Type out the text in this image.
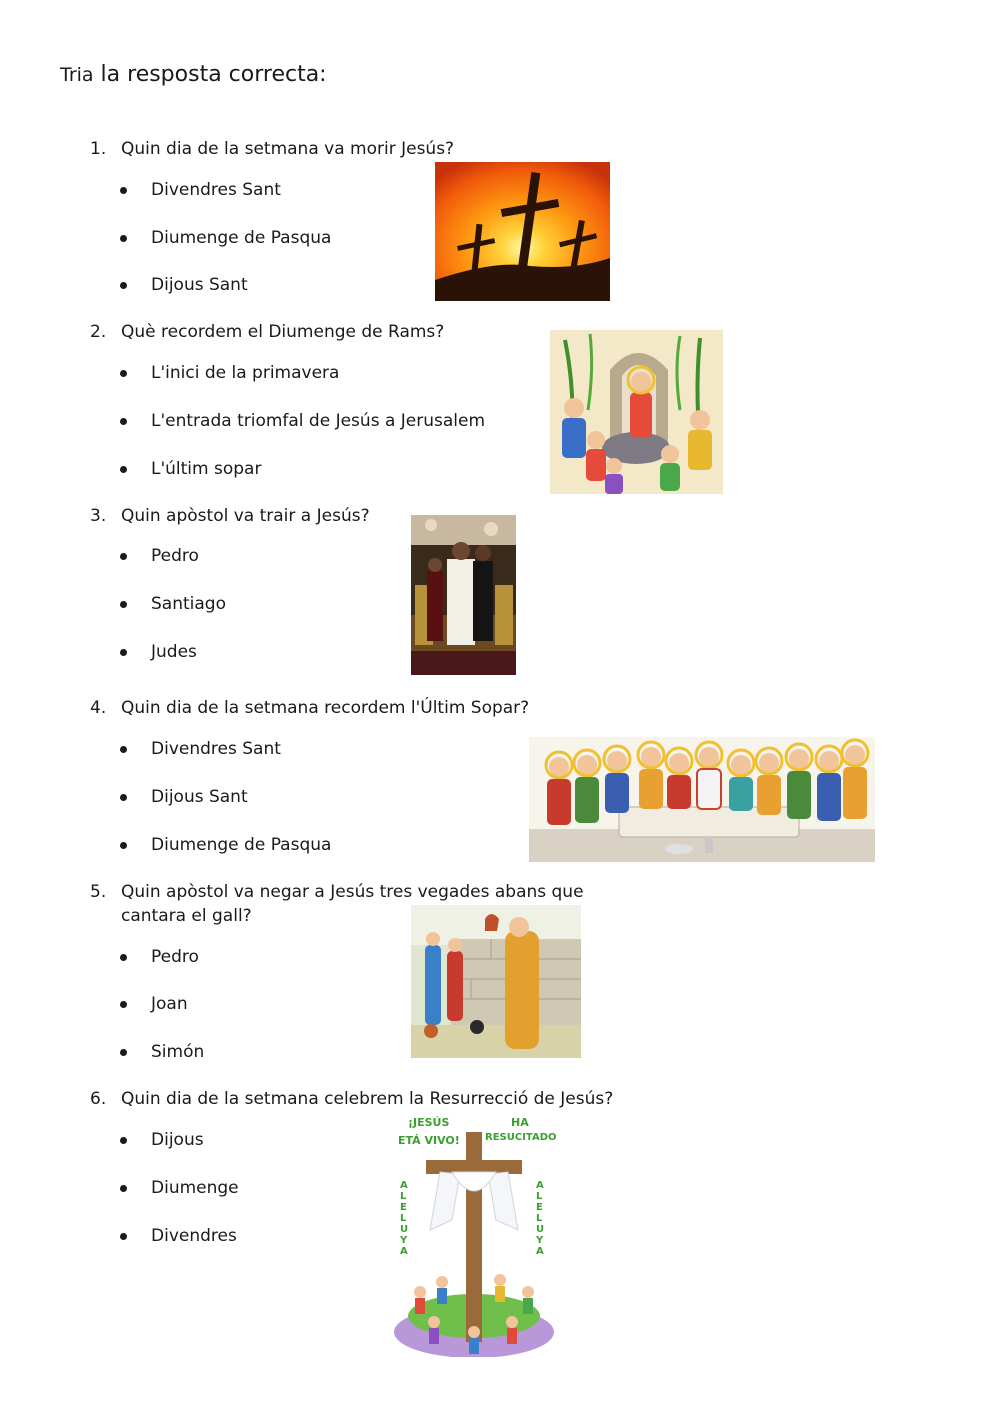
Tria la resposta correcta:
1. Quin dia de la setmana va morir Jesús?
Divendres Sant
Diumenge de Pasqua
Dijous Sant
2. Què recordem el Diumenge de Rams?
L'inici de la primavera
L'entrada triomfal de Jesús a Jerusalem
L'últim sopar
3. Quin apòstol va trair a Jesús?
Pedro
Santiago
Judes
4. Quin dia de la setmana recordem l'Últim Sopar?
Divendres Sant
Dijous Sant
Diumenge de Pasqua
5. Quin apòstol va negar a Jesús tres vegades abans que cantara el gall?
Pedro
Joan
Simón
6. Quin dia de la setmana celebrem la Resurrecció de Jesús?
Dijous
Diumenge
Divendres
¡JESÚS
ETÁ VIVO!
HA
RESUCITADO
ALELUYA
ALELUYA
